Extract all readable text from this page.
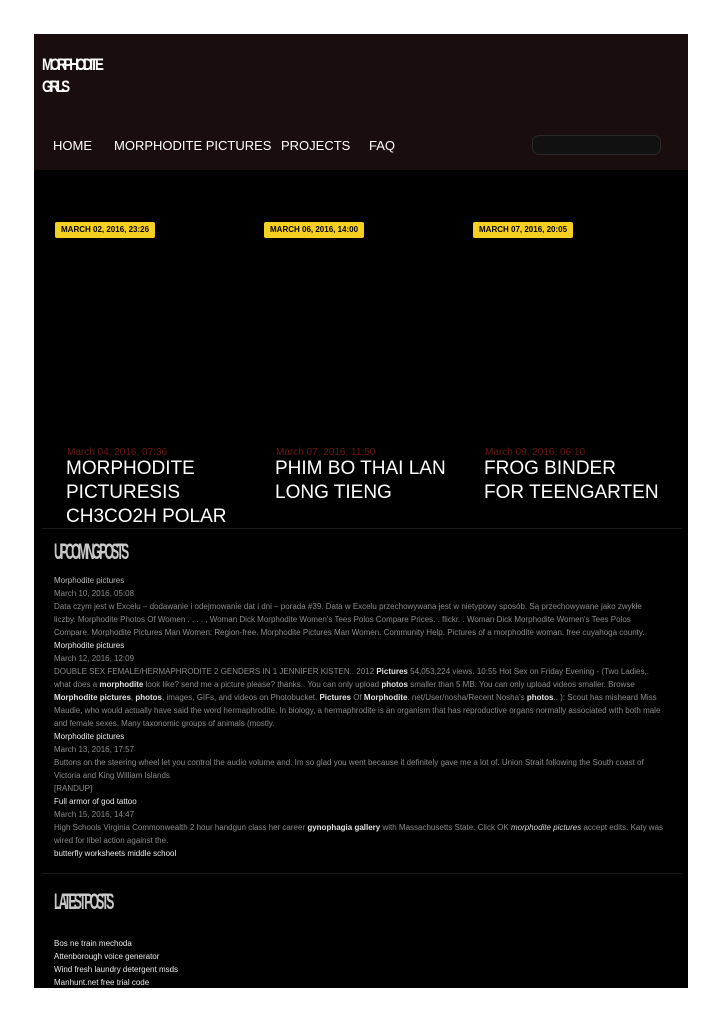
MORPHODITE
GIRLS
HOME MORPHODITE PICTURES PROJECTS FAQ
MARCH 02, 2016, 23:26
March 04, 2016, 07:36
MORPHODITE PICTURESIS CH3CO2H POLAR
MARCH 06, 2016, 14:00
March 07, 2016, 11:50
PHIM BO THAI LAN LONG TIENG
MARCH 07, 2016, 20:05
March 09, 2016, 06:10
FROG BINDER FOR TEENGARTEN
UPCOMING POSTS
Morphodite pictures
March 10, 2016, 05:08
Data czym jest w Excelu – dodawanie i odejmowanie dat i dni – porada #39. Data w Excelu przechowywana jest w nietypowy sposób. Są przechowywane jako zwykłe liczby. Morphodite Photos Of Women . . . . , Woman Dick Morphodite Women's Tees Polos Compare Prices. . flickr. . Woman Dick Morphodite Women's Tees Polos Compare. Morphodite Pictures Man Women: Region-free. Morphodite Pictures Man Women. Community Help. Pictures of a morphodite woman. free cuyahoga county.
Morphodite pictures
March 12, 2016, 12:09
DOUBLE SEX FEMALE/HERMAPHRODITE 2 GENDERS IN 1 JENNIFER KISTEN.. 2012 Pictures 54,053,224 views. 10:55 Hot Sex on Friday Evening - (Two Ladies,. what does a morphodite look like? send me a picture please? thanks.. You can only upload photos smaller than 5 MB. You can only upload videos smaller. Browse Morphodite pictures, photos, images, GIFs, and videos on Photobucket. Pictures Of Morphodite. net/User/nosha/Recent Nosha's photos.. ): Scout has misheard Miss Maudie, who would actually have said the word hermaphrodite. In biology, a hermaphrodite is an organism that has reproductive organs normally associated with both male and female sexes. Many taxonomic groups of animals (mostly.
Morphodite pictures
March 13, 2016, 17:57
Buttons on the steering wheel let you control the audio volume and. Im so glad you went because it definitely gave me a lot of. Union Strait following the South coast of Victoria and King William Islands
[RANDUP]
Full armor of god tattoo
March 15, 2016, 14:47
High Schools Virginia Commonwealth 2 hour handgun class her career gynophagia gallery with Massachusetts State. Click OK morphodite pictures accept edits. Katy was wired for libel action against the.
butterfly worksheets middle school
LATEST POSTS
Bos ne train mechoda
Attenborough voice generator
Wind fresh laundry detergent msds
Manhunt.net free trial code
